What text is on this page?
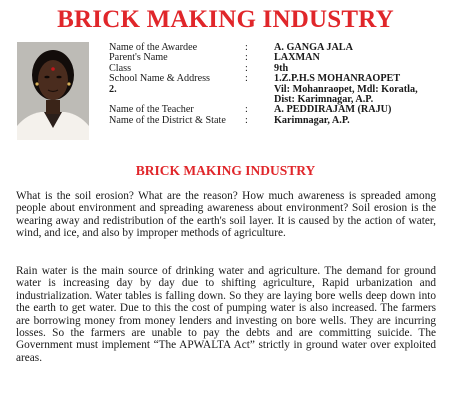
BRICK MAKING INDUSTRY
Name of the Awardee	:	A. GANGA JALA
Parent's Name	:	LAXMAN
Class	:	9th
School Name & Address	:	1.Z.P.H.S MOHANRAOPET
2.	Vil: Mohanraopet, Mdl: Koratla,
Dist: Karimnagar, A.P.
Name of the Teacher	:	A. PEDDIRAJAM (RAJU)
Name of the District & State :	Karimnagar, A.P.
BRICK MAKING INDUSTRY

What is the soil erosion? What are the reason? How much awareness is spreaded among people about environment and spreading awareness about environment? Soil erosion is the wearing away and redistribution of the earth's soil layer. It is caused by the action of water, wind, and ice, and also by improper methods of agriculture.

Rain water is the main source of drinking water and agriculture. The demand for ground water is increasing day by day due to shifting agriculture, Rapid urbanization and industrialization. Water tables is falling down. So they are laying bore wells deep down into the earth to get water. Due to this the cost of pumping water is also increased. The farmers are borrowing money from money lenders and investing on bore wells. They are incurring losses. So the farmers are unable to pay the debts and are committing suicide. The Government must implement “The APWALTA Act” strictly in ground water over exploited areas.
